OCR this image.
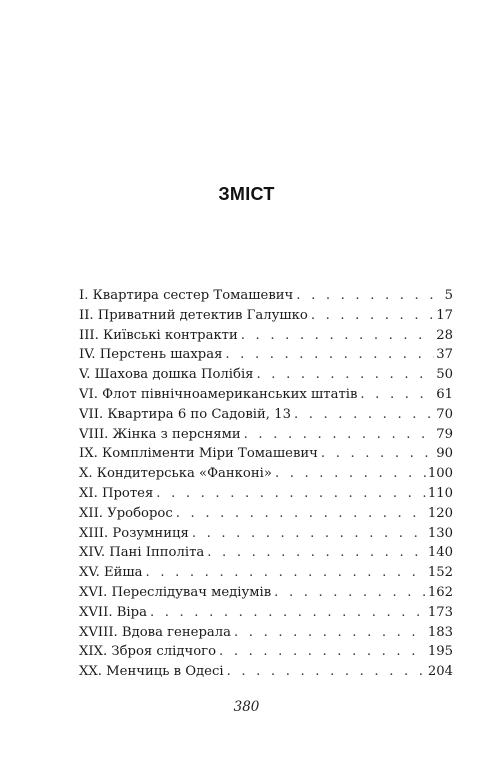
ЗМІСТ
I. Квартира сестер Томашевич . . .	5
II. Приватний детектив Галушко . . .	17
III. Київські контракти . . .	28
IV. Перстень шахрая . . .	37
V. Шахова дошка Полібія . . .	50
VI. Флот північноамериканських штатів . . .	61
VII. Квартира 6 по Садовій, 13 . . .	70
VIII. Жінка з перснями . . .	79
IX. Компліменти Міри Томашевич . . .	90
X. Кондитерська «Фанконі» . . .	100
XI. Протея . . .	110
XII. Уроборос . . .	120
XIII. Розумниця . . .	130
XIV. Пані Іпполіта . . .	140
XV. Ейша . . .	152
XVI. Переслідувач медіумів . . .	162
XVII. Віра . . .	173
XVIII. Вдова генерала . . .	183
XIX. Зброя слідчого . . .	195
XX. Менчиць в Одесі . . .	204
380
